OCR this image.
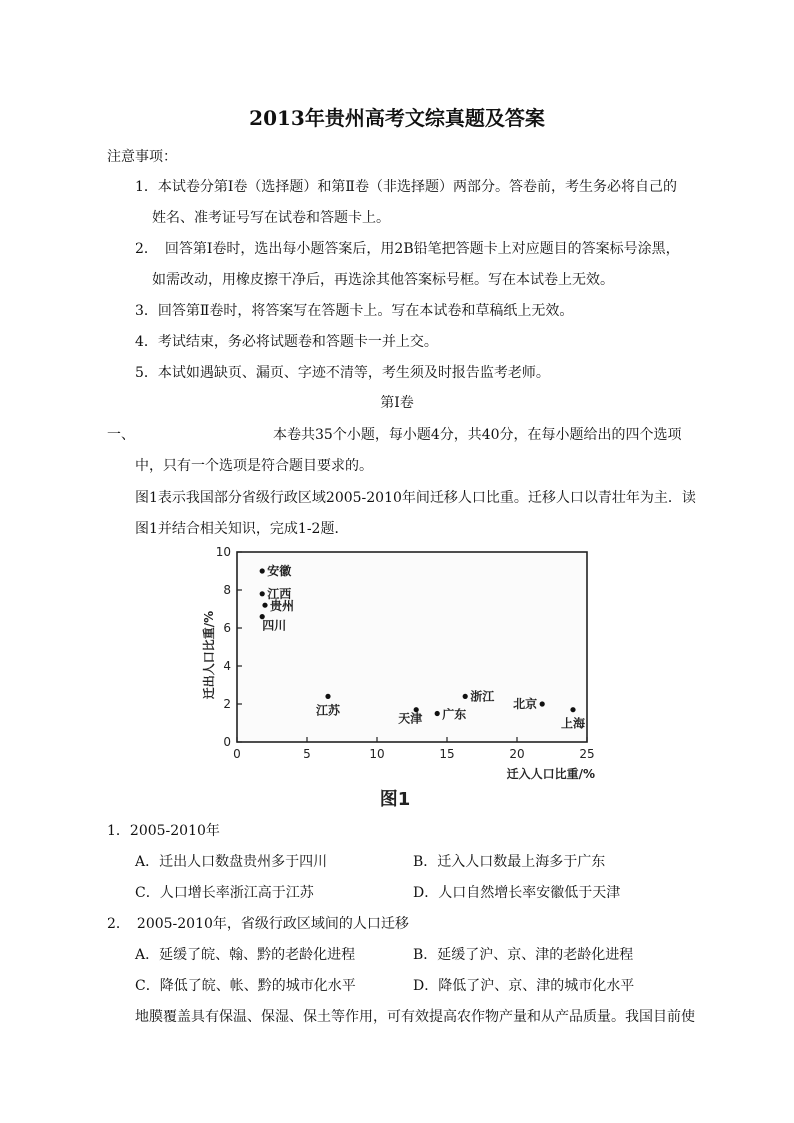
2013年贵州高考文综真题及答案
注意事项：
1．本试卷分第Ⅰ卷（选择题）和第Ⅱ卷（非选择题）两部分。答卷前，考生务必将自己的
姓名、准考证号写在试卷和答题卡上。
2．　回答第Ⅰ卷时，选出每小题答案后，用2B铅笔把答题卡上对应题目的答案标号涂黑，
如需改动，用橡皮擦干净后，再选涂其他答案标号框。写在本试卷上无效。
3．回答第Ⅱ卷时，将答案写在答题卡上。写在本试卷和草稿纸上无效。
4．考试结束，务必将试题卷和答题卡一并上交。
5．本试如遇缺页、漏页、字迹不清等，考生须及时报告监考老师。
第Ⅰ卷
一、	本卷共35个小题，每小题4分，共40分，在每小题给出的四个选项
中，只有一个选项是符合题目要求的。
图1表示我国部分省级行政区域2005-2010年间迁移人口比重。迁移人口以青壮年为主．读
图1并结合相关知识，完成1-2题．
0	5	10	15	20	25
0
2
4
6
8
10
安徽
江西
贵州
四川
江苏
天津 广东
浙江
北京
上海
迁入人口比重/%
迁出人口比重/%
图1
1．2005-2010年
A．迁出人口数盘贵州多于四川	B．迁入人口数最上海多于广东
C．人口增长率浙江高于江苏	D．人口自然增长率安徽低于天津
2．　2005-2010年，省级行政区域间的人口迁移
A．延缓了皖、翰、黔的老龄化进程	B．延缓了沪、京、津的老龄化进程
C．降低了皖、帐、黔的城市化水平	D．降低了沪、京、津的城市化水平
地膜覆盖具有保温、保湿、保土等作用，可有效提高农作物产量和从产品质量。我国目前使
